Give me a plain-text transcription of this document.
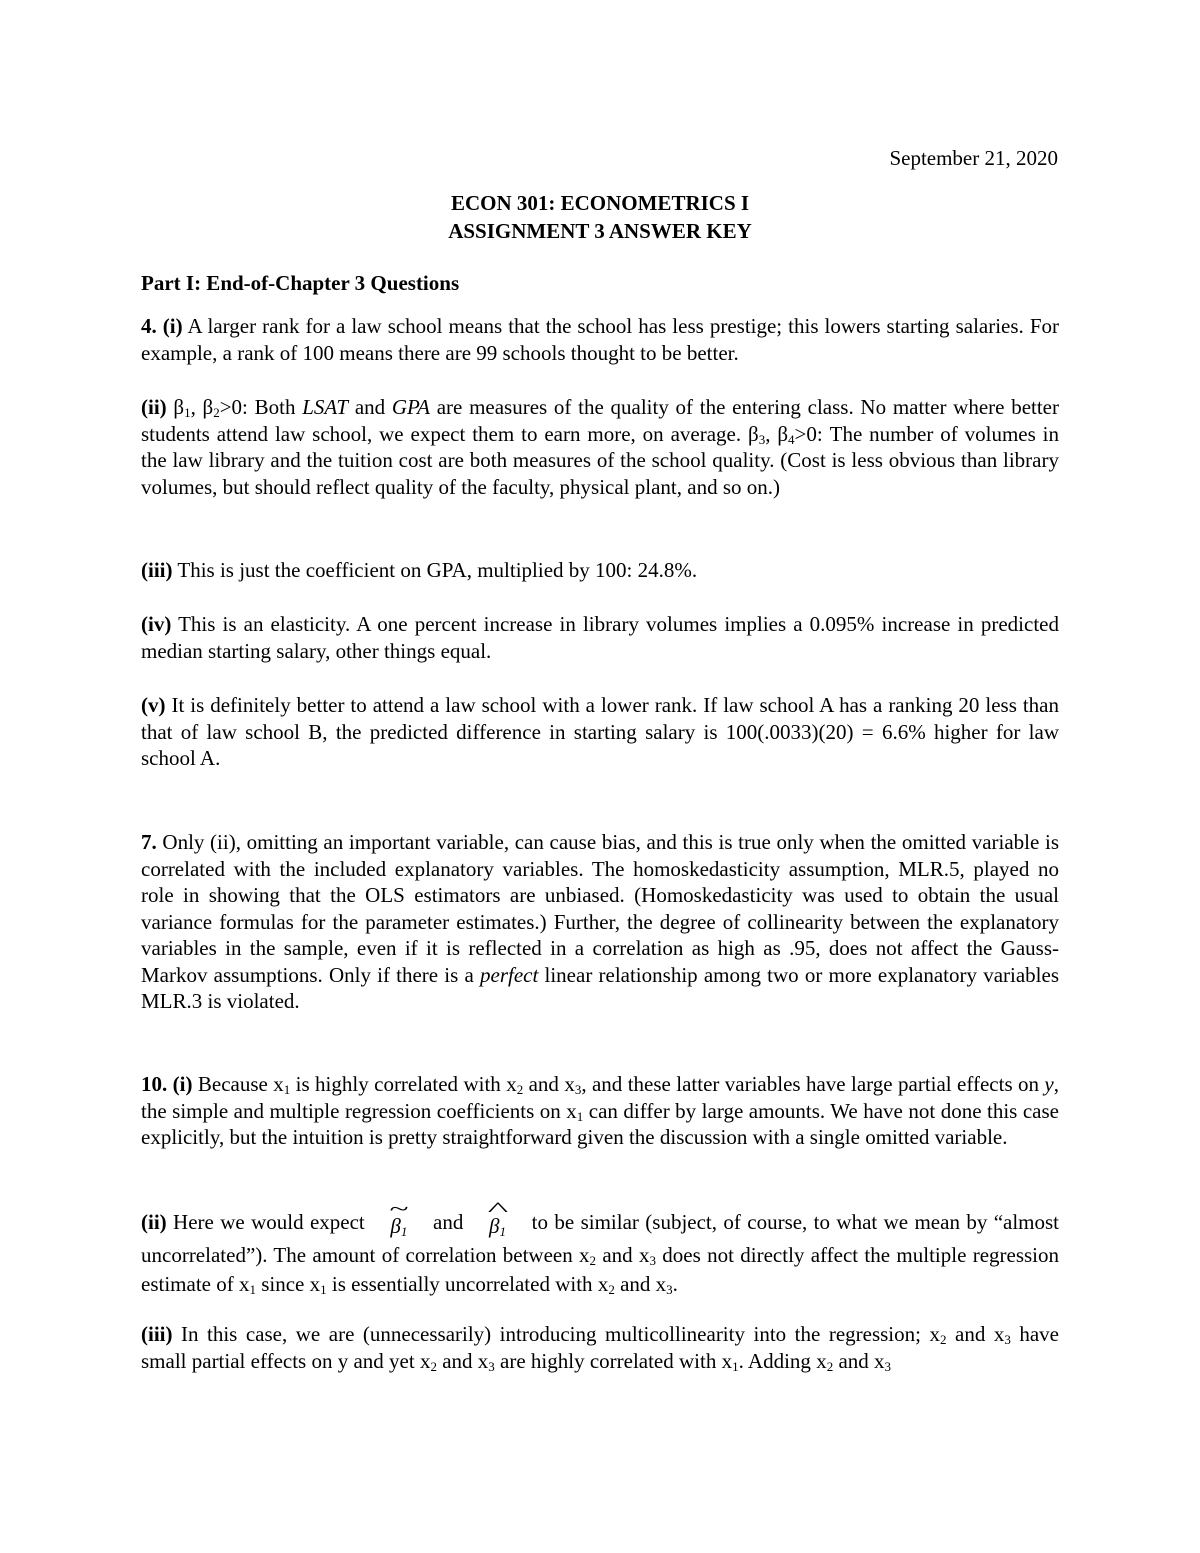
September 21, 2020
ECON 301: ECONOMETRICS I
ASSIGNMENT 3 ANSWER KEY
Part I: End-of-Chapter 3 Questions

4. (i) A larger rank for a law school means that the school has less prestige; this lowers starting salaries. For example, a rank of 100 means there are 99 schools thought to be better.

(ii) $\beta_1$, $\beta_2>0$: Both LSAT and GPA are measures of the quality of the entering class. No matter where better students attend law school, we expect them to earn more, on average. $\beta_3$, $\beta_4>0$: The number of volumes in the law library and the tuition cost are both measures of the school quality. (Cost is less obvious than library volumes, but should reflect quality of the faculty, physical plant, and so on.)

(iii) This is just the coefficient on GPA, multiplied by 100: 24.8%.

(iv) This is an elasticity. A one percent increase in library volumes implies a 0.095% increase in predicted median starting salary, other things equal.

(v) It is definitely better to attend a law school with a lower rank. If law school A has a ranking 20 less than that of law school B, the predicted difference in starting salary is 100(.0033)(20) = 6.6% higher for law school A.

7. Only (ii), omitting an important variable, can cause bias, and this is true only when the omitted variable is correlated with the included explanatory variables. The homoskedasticity assumption, MLR.5, played no role in showing that the OLS estimators are unbiased. (Homoskedasticity was used to obtain the usual variance formulas for the parameter estimates.) Further, the degree of collinearity between the explanatory variables in the sample, even if it is reflected in a correlation as high as .95, does not affect the Gauss-Markov assumptions. Only if there is a perfect linear relationship among two or more explanatory variables MLR.3 is violated.

10. (i) Because $x_1$ is highly correlated with $x_2$ and $x_3$, and these latter variables have large partial effects on y, the simple and multiple regression coefficients on $x_1$ can differ by large amounts. We have not done this case explicitly, but the intuition is pretty straightforward given the discussion with a single omitted variable.

(ii) Here we would expect
~
$\beta_1$   and ^
$\beta_1$   to be similar (subject, of course, to what we mean by “almost uncorrelated”). The amount of correlation between $x_2$ and $x_3$ does not directly affect the multiple regression estimate of $x_1$ since $x_1$ is essentially uncorrelated with $x_2$ and $x_3$.

(iii) In this case, we are (unnecessarily) introducing multicollinearity into the regression; $x_2$ and $x_3$ have small partial effects on y and yet $x_2$ and $x_3$ are highly correlated with $x_1$. Adding $x_2$ and $x_3$
